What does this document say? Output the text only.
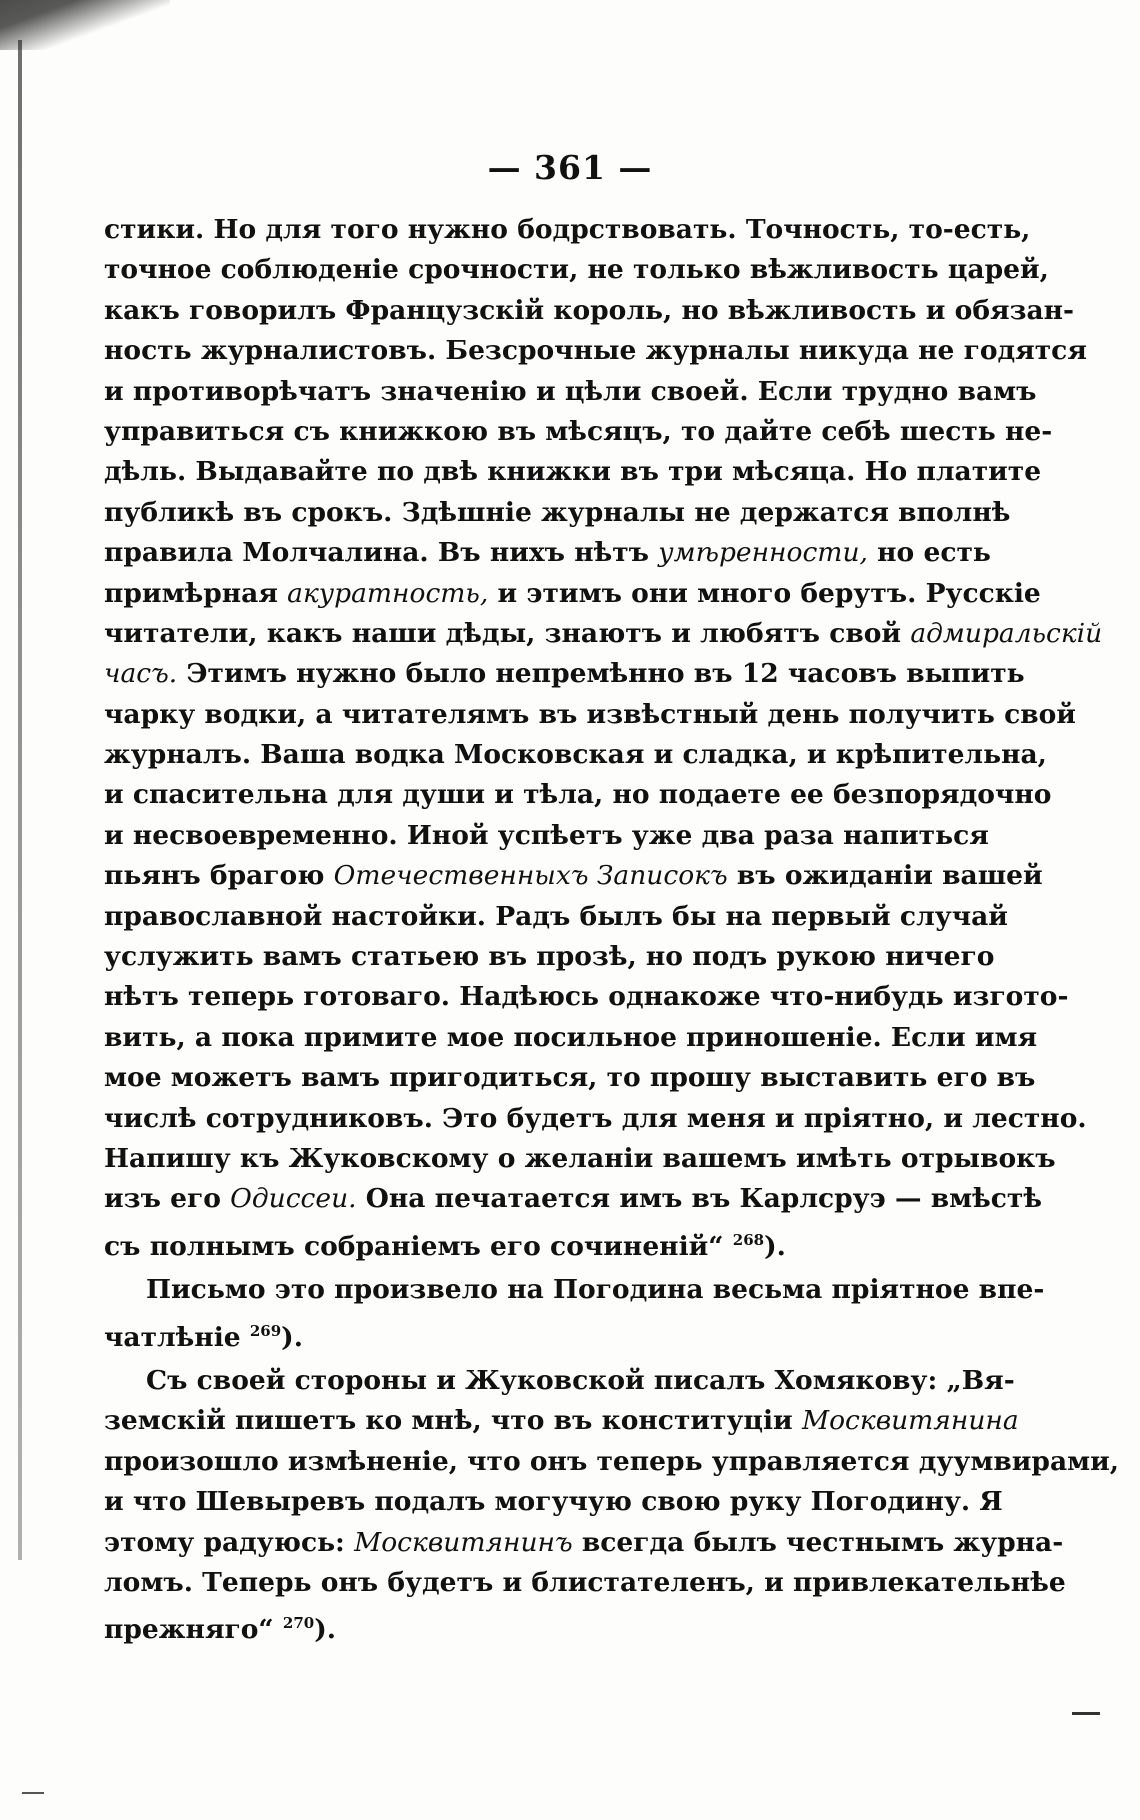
— 361 —
стики. Но для того нужно бодрствовать. Точность, то-есть,
точное соблюденіе срочности, не только вѣжливость царей,
какъ говорилъ Французскій король, но вѣжливость и обязан-
ность журналистовъ. Безсрочные журналы никуда не годятся
и противорѣчатъ значенію и цѣли своей. Если трудно вамъ
управиться съ книжкою въ мѣсяцъ, то дайте себѣ шесть не-
дѣль. Выдавайте по двѣ книжки въ три мѣсяца. Но платите
публикѣ въ срокъ. Здѣшніе журналы не держатся вполнѣ
правила Молчалина. Въ нихъ нѣтъ умѣренности, но есть
примѣрная акуратность, и этимъ они много берутъ. Русскіе
читатели, какъ наши дѣды, знаютъ и любятъ свой адмиральскій
часъ. Этимъ нужно было непремѣнно въ 12 часовъ выпить
чарку водки, а читателямъ въ извѣстный день получить свой
журналъ. Ваша водка Московская и сладка, и крѣпительна,
и спасительна для души и тѣла, но подаете ее безпорядочно
и несвоевременно. Иной успѣетъ уже два раза напиться
пьянъ брагою Отечественныхъ Записокъ въ ожиданіи вашей
православной настойки. Радъ былъ бы на первый случай
услужить вамъ статьею въ прозѣ, но подъ рукою ничего
нѣтъ теперь готоваго. Надѣюсь однакоже что-нибудь изгото-
вить, а пока примите мое посильное приношеніе. Если имя
мое можетъ вамъ пригодиться, то прошу выставить его въ
числѣ сотрудниковъ. Это будетъ для меня и пріятно, и лестно.
Напишу къ Жуковскому о желаніи вашемъ имѣть отрывокъ
изъ его Одиссеи. Она печатается имъ въ Карлсруэ — вмѣстѣ
съ полнымъ собраніемъ его сочиненій“ $^{268}$).
Письмо это произвело на Погодина весьма пріятное впе-
чатлѣніе $^{269}$).
Съ своей стороны и Жуковской писалъ Хомякову: „Вя-
земскій пишетъ ко мнѣ, что въ конституціи Москвитянина
произошло измѣненіе, что онъ теперь управляется дуумвирами,
и что Шевыревъ подалъ могучую свою руку Погодину. Я
этому радуюсь: Москвитянинъ всегда былъ честнымъ журна-
ломъ. Теперь онъ будетъ и блистателенъ, и привлекательнѣе
прежняго“ $^{270}$).
